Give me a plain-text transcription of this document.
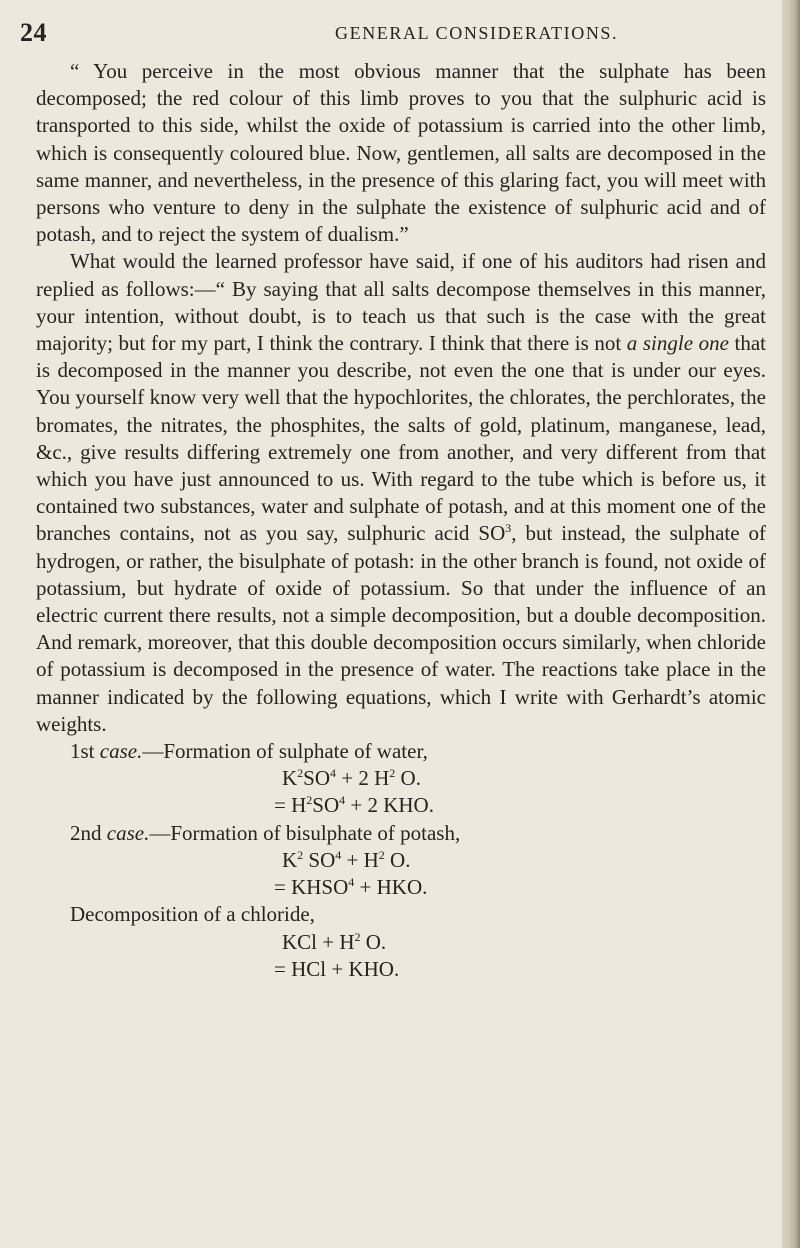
24	GENERAL CONSIDERATIONS.

“ You perceive in the most obvious manner that the sulphate has been decomposed; the red colour of this limb proves to you that the sulphuric acid is transported to this side, whilst the oxide of potassium is carried into the other limb, which is consequently coloured blue. Now, gentlemen, all salts are decomposed in the same manner, and nevertheless, in the presence of this glaring fact, you will meet with persons who venture to deny in the sulphate the existence of sulphuric acid and of potash, and to reject the system of dualism.”

What would the learned professor have said, if one of his auditors had risen and replied as follows:—“ By saying that all salts decompose themselves in this manner, your intention, without doubt, is to teach us that such is the case with the great majority; but for my part, I think the contrary. I think that there is not a single one that is decomposed in the manner you describe, not even the one that is under our eyes. You yourself know very well that the hypochlorites, the chlorates, the perchlorates, the bromates, the nitrates, the phosphites, the salts of gold, platinum, manganese, lead, &c., give results differing extremely one from another, and very different from that which you have just announced to us. With regard to the tube which is before us, it contained two substances, water and sulphate of potash, and at this moment one of the branches contains, not as you say, sulphuric acid $SO^3$, but instead, the sulphate of hydrogen, or rather, the bisulphate of potash: in the other branch is found, not oxide of potassium, but hydrate of oxide of potassium. So that under the influence of an electric current there results, not a simple decomposition, but a double decomposition. And remark, moreover, that this double decomposition occurs similarly, when chloride of potassium is decomposed in the presence of water. The reactions take place in the manner indicated by the following equations, which I write with Gerhardt’s atomic weights.

1st case.—Formation of sulphate of water,

$K^2SO^4 + 2$ $H^2$ O.

= $H^2SO^4 + 2$ KHO.

2nd case.—Formation of bisulphate of potash,

$K^2$ $SO^4 + H^2$ O.

= $KHSO^4$ + HKO.

Decomposition of a chloride,

KCl + $H^2$ O.

= HCl + KHO.
